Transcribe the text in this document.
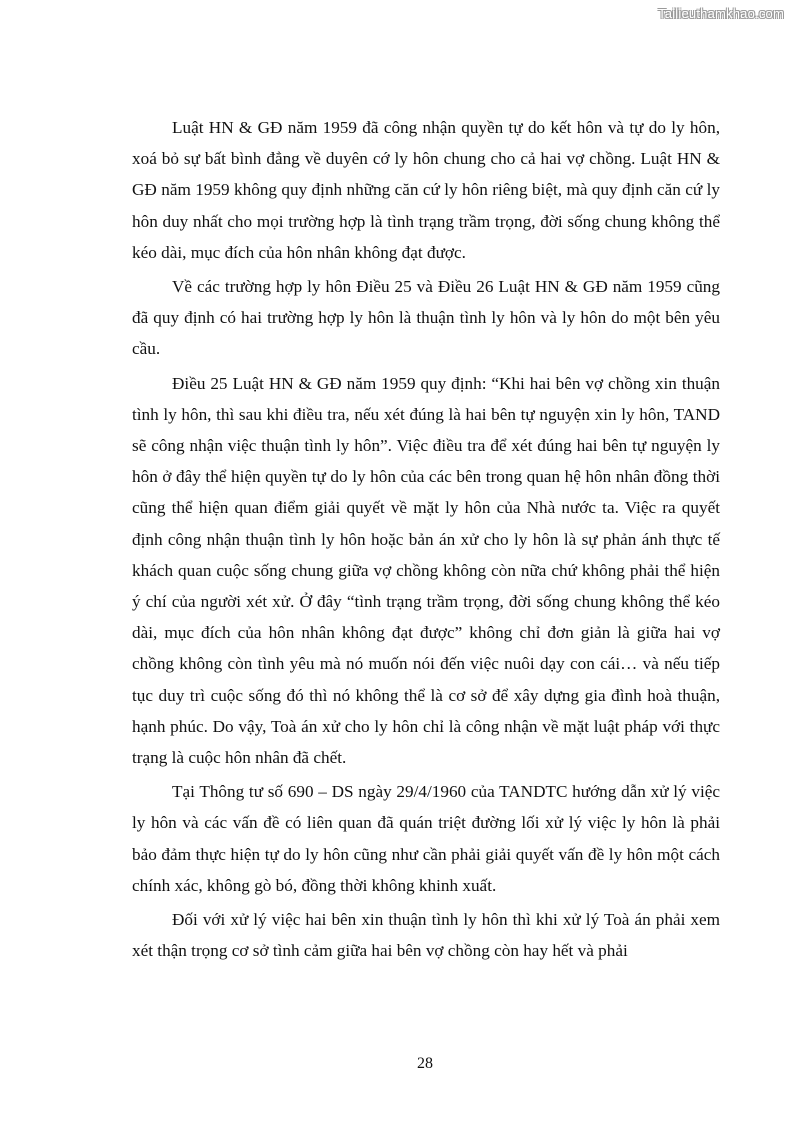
Tailieuthamkhao.com

Luật HN & GĐ năm 1959 đã công nhận quyền tự do kết hôn và tự do ly hôn, xoá bỏ sự bất bình đẳng về duyên cớ ly hôn chung cho cả hai vợ chồng. Luật HN & GĐ năm 1959 không quy định những căn cứ ly hôn riêng biệt, mà quy định căn cứ ly hôn duy nhất cho mọi trường hợp là tình trạng trầm trọng, đời sống chung không thể kéo dài, mục đích của hôn nhân không đạt được.

Về các trường hợp ly hôn Điều 25 và Điều 26 Luật HN & GĐ năm 1959 cũng đã quy định có hai trường hợp ly hôn là thuận tình ly hôn và ly hôn do một bên yêu cầu.

Điều 25 Luật HN & GĐ năm 1959 quy định: “Khi hai bên vợ chồng xin thuận tình ly hôn, thì sau khi điều tra, nếu xét đúng là hai bên tự nguyện xin ly hôn, TAND sẽ công nhận việc thuận tình ly hôn”. Việc điều tra để xét đúng hai bên tự nguyện ly hôn ở đây thể hiện quyền tự do ly hôn của các bên trong quan hệ hôn nhân đồng thời cũng thể hiện quan điểm giải quyết về mặt ly hôn của Nhà nước ta. Việc ra quyết định công nhận thuận tình ly hôn hoặc bản án xử cho ly hôn là sự phản ánh thực tế khách quan cuộc sống chung giữa vợ chồng không còn nữa chứ không phải thể hiện ý chí của người xét xử. Ở đây “tình trạng trầm trọng, đời sống chung không thể kéo dài, mục đích của hôn nhân không đạt được” không chỉ đơn giản là giữa hai vợ chồng không còn tình yêu mà nó muốn nói đến việc nuôi dạy con cái… và nếu tiếp tục duy trì cuộc sống đó thì nó không thể là cơ sở để xây dựng gia đình hoà thuận, hạnh phúc. Do vậy, Toà án xử cho ly hôn chỉ là công nhận về mặt luật pháp với thực trạng là cuộc hôn nhân đã chết.

Tại Thông tư số 690 – DS ngày 29/4/1960 của TANDTC hướng dẫn xử lý việc ly hôn và các vấn đề có liên quan đã quán triệt đường lối xử lý việc ly hôn là phải bảo đảm thực hiện tự do ly hôn cũng như cần phải giải quyết vấn đề ly hôn một cách chính xác, không gò bó, đồng thời không khinh xuất.

Đối với xử lý việc hai bên xin thuận tình ly hôn thì khi xử lý Toà án phải xem xét thận trọng cơ sở tình cảm giữa hai bên vợ chồng còn hay hết và phải

28
